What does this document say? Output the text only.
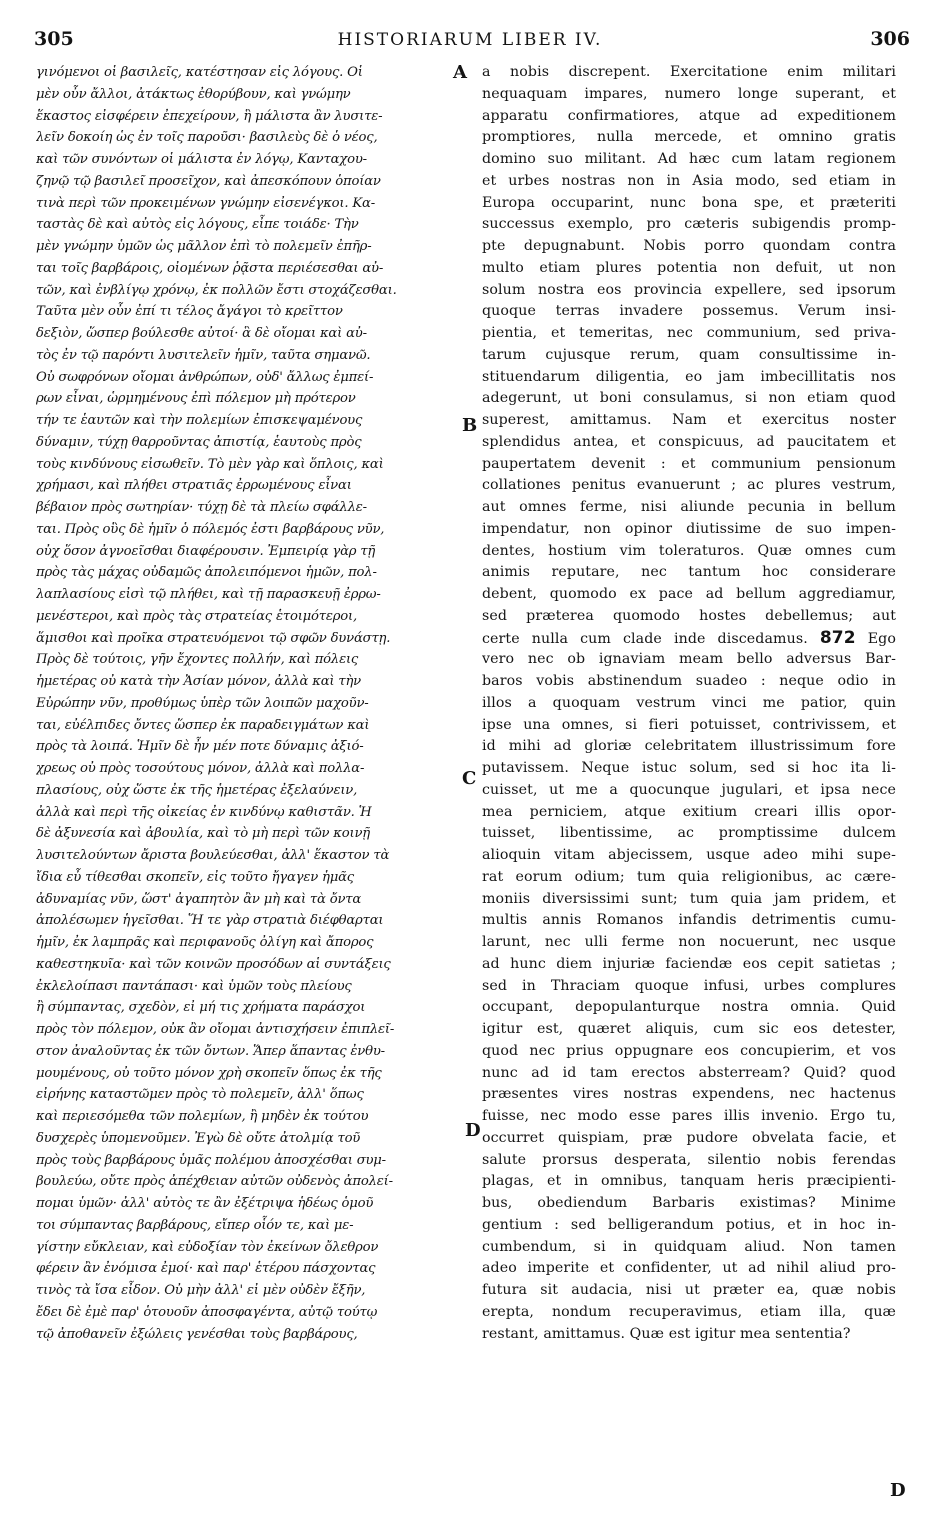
305	HISTORIARUM LIBER IV.	306
γινόμενοι οἱ βασιλεῖς, κατέστησαν εἰς λόγους. Οἱ
μὲν οὖν ἄλλοι, ἀτάκτως ἐθορύβουν, καὶ γνώμην
ἕκαστος εἰσφέρειν ἐπεχείρουν, ἣ μάλιστα ἂν λυσιτε-
λεῖν δοκοίη ὡς ἐν τοῖς παροῦσι· βασιλεὺς δὲ ὁ νέος,
καὶ τῶν συνόντων οἱ μάλιστα ἐν λόγῳ, Κανταχου-
ζηνῷ τῷ βασιλεῖ προσεῖχον, καὶ ἀπεσκόπουν ὁποίαν
τινὰ περὶ τῶν προκειμένων γνώμην εἰσενέγκοι. Κα-
ταστὰς δὲ καὶ αὐτὸς εἰς λόγους, εἶπε τοιάδε· Τὴν
μὲν γνώμην ὑμῶν ὡς μᾶλλον ἐπὶ τὸ πολεμεῖν ἐπῆρ-
ται τοῖς βαρβάροις, οἰομένων ῥᾷστα περιέσεσθαι αὐ-
τῶν, καὶ ἐνβλίγῳ χρόνῳ, ἐκ πολλῶν ἔστι στοχάζεσθαι.
Ταῦτα μὲν οὖν ἐπί τι τέλος ἄγάγοι τὸ κρεῖττον
δεξιὸν, ὥσπερ βούλεσθε αὐτοί· ἃ δὲ οἴομαι καὶ αὐ-
τὸς ἐν τῷ παρόντι λυσιτελεῖν ἡμῖν, ταῦτα σημανῶ.
Οὐ σωφρόνων οἴομαι ἀνθρώπων, οὐδ' ἄλλως ἐμπεί-
ρων εἶναι, ὡρμημένους ἐπὶ πόλεμον μὴ πρότερον
τήν τε ἑαυτῶν καὶ τὴν πολεμίων ἐπισκεψαμένους
δύναμιν, τύχῃ θαρροῦντας ἀπιστίᾳ, ἑαυτοὺς πρὸς
τοὺς κινδύνους εἰσωθεῖν. Τὸ μὲν γὰρ καὶ ὅπλοις, καὶ
χρήμασι, καὶ πλήθει στρατιᾶς ἐρρωμένους εἶναι
βέβαιον πρὸς σωτηρίαν· τύχῃ δὲ τὰ πλείω σφάλλε-
ται. Πρὸς οὓς δὲ ἡμῖν ὁ πόλεμός ἐστι βαρβάρους νῦν,
οὐχ ὅσον ἀγνοεῖσθαι διαφέρουσιν. Ἐμπειρίᾳ γὰρ τῇ
πρὸς τὰς μάχας οὐδαμῶς ἀπολειπόμενοι ἡμῶν, πολ-
λαπλασίους εἰσὶ τῷ πλήθει, καὶ τῇ παρασκευῇ ἐρρω-
μενέστεροι, καὶ πρὸς τὰς στρατείας ἑτοιμότεροι,
ἅμισθοι καὶ προῖκα στρατευόμενοι τῷ σφῶν δυνάστῃ.
Πρὸς δὲ τούτοις, γῆν ἔχοντες πολλήν, καὶ πόλεις
ἡμετέρας οὐ κατὰ τὴν Ἀσίαν μόνον, ἀλλὰ καὶ τὴν
Εὐρώπην νῦν, προθύμως ὑπὲρ τῶν λοιπῶν μαχοῦν-
ται, εὐέλπιδες ὄντες ὥσπερ ἐκ παραδειγμάτων καὶ
πρὸς τὰ λοιπά. Ἡμῖν δὲ ἦν μέν ποτε δύναμις ἀξιό-
χρεως οὐ πρὸς τοσούτους μόνον, ἀλλὰ καὶ πολλα-
πλασίους, οὐχ ὥστε ἐκ τῆς ἡμετέρας ἐξελαύνειν,
ἀλλὰ καὶ περὶ τῆς οἰκείας ἐν κινδύνῳ καθιστᾶν. Ἡ
δὲ ἀξυνεσία καὶ ἀβουλία, καὶ τὸ μὴ περὶ τῶν κοινῇ
λυσιτελούντων ἄριστα βουλεύεσθαι, ἀλλ' ἕκαστον τὰ
ἴδια εὖ τίθεσθαι σκοπεῖν, εἰς τοῦτο ἤγαγεν ἡμᾶς
ἀδυναμίας νῦν, ὥστ' ἀγαπητὸν ἂν μὴ καὶ τὰ ὄντα
ἀπολέσωμεν ἡγεῖσθαι. Ἥ τε γὰρ στρατιὰ διέφθαρται
ἡμῖν, ἐκ λαμπρᾶς καὶ περιφανοῦς ὀλίγη καὶ ἄπορος
καθεστηκυῖα· καὶ τῶν κοινῶν προσόδων αἱ συντάξεις
ἐκλελοίπασι παντάπασι· καὶ ὑμῶν τοὺς πλείους
ἢ σύμπαντας, σχεδὸν, εἰ μή τις χρήματα παράσχοι
πρὸς τὸν πόλεμον, οὐκ ἂν οἴομαι ἀντισχήσειν ἐπιπλεῖ-
στον ἀναλοῦντας ἐκ τῶν ὄντων. Ἅπερ ἅπαντας ἐνθυ-
μουμένους, οὐ τοῦτο μόνον χρὴ σκοπεῖν ὅπως ἐκ τῆς
εἰρήνης καταστῶμεν πρὸς τὸ πολεμεῖν, ἀλλ' ὅπως
καὶ περιεσόμεθα τῶν πολεμίων, ἢ μηδὲν ἐκ τούτου
δυσχερὲς ὑπομενοῦμεν. Ἐγὼ δὲ οὔτε ἀτολμίᾳ τοῦ
πρὸς τοὺς βαρβάρους ὑμᾶς πολέμου ἀποσχέσθαι συμ-
βουλεύω, οὔτε πρὸς ἀπέχθειαν αὐτῶν οὐδενὸς ἀπολεί-
πομαι ὑμῶν· ἀλλ' αὐτὸς τε ἂν ἐξέτριψα ἡδέως ὁμοῦ
τοι σύμπαντας βαρβάρους, εἴπερ οἷόν τε, καὶ με-
γίστην εὔκλειαν, καὶ εὐδοξίαν τὸν ἐκείνων ὄλεθρον
φέρειν ἂν ἐνόμισα ἐμοί· καὶ παρ' ἑτέρου πάσχοντας
τινὸς τὰ ἴσα εἶδον. Οὐ μὴν ἀλλ' εἰ μὲν οὐδὲν ἔξῆν,
ἔδει δὲ ἐμὲ παρ' ὁτουοῦν ἀποσφαγέντα, αὐτῷ τούτῳ
τῷ ἀποθανεῖν ἐξώλεις γενέσθαι τοὺς βαρβάρους,
a nobis discrepent. Exercitatione enim militari
nequaquam impares, numero longe superant, et
apparatu confirmatiores, atque ad expeditionem
promptiores, nulla mercede, et omnino gratis
domino suo militant. Ad hæc cum latam regionem
et urbes nostras non in Asia modo, sed etiam in
Europa occuparint, nunc bona spe, et præteriti
successus exemplo, pro cæteris subigendis promp-
pte depugnabunt. Nobis porro quondam contra
multo etiam plures potentia non defuit, ut non
solum nostra eos provincia expellere, sed ipsorum
quoque terras invadere possemus. Verum insi-
pientia, et temeritas, nec communium, sed priva-
tarum cujusque rerum, quam consultissime in-
stituendarum diligentia, eo jam imbecillitatis nos
adegerunt, ut boni consulamus, si non etiam quod
superest, amittamus. Nam et exercitus noster
splendidus antea, et conspicuus, ad paucitatem et
paupertatem devenit : et communium pensionum
collationes penitus evanuerunt ; ac plures vestrum,
aut omnes ferme, nisi aliunde pecunia in bellum
impendatur, non opinor diutissime de suo impen-
dentes, hostium vim toleraturos. Quæ omnes cum
animis reputare, nec tantum hoc considerare
debent, quomodo ex pace ad bellum aggrediamur,
sed præterea quomodo hostes debellemus; aut
certe nulla cum clade inde discedamus. 872 Ego
vero nec ob ignaviam meam bello adversus Bar-
baros vobis abstinendum suadeo : neque odio in
illos a quoquam vestrum vinci me patior, quin
ipse una omnes, si fieri potuisset, contrivissem, et
id mihi ad gloriæ celebritatem illustrissimum fore
putavissem. Neque istuc solum, sed si hoc ita li-
cuisset, ut me a quocunque jugulari, et ipsa nece
mea perniciem, atque exitium creari illis opor-
tuisset, libentissime, ac promptissime dulcem
alioquin vitam abjecissem, usque adeo mihi supe-
rat eorum odium; tum quia religionibus, ac cære-
moniis diversissimi sunt; tum quia jam pridem, et
multis annis Romanos infandis detrimentis cumu-
larunt, nec ulli ferme non nocuerunt, nec usque
ad hunc diem injuriæ faciendæ eos cepit satietas ;
sed in Thraciam quoque infusi, urbes complures
occupant, depopulanturque nostra omnia. Quid
igitur est, quæret aliquis, cum sic eos detester,
quod nec prius oppugnare eos concupierim, et vos
nunc ad id tam erectos absterream? Quid? quod
præsentes vires nostras expendens, nec hactenus
fuisse, nec modo esse pares illis invenio. Ergo tu,
occurret quispiam, præ pudore obvelata facie, et
salute prorsus desperata, silentio nobis ferendas
plagas, et in omnibus, tanquam heris præcipienti-
bus, obediendum Barbaris existimas? Minime
gentium : sed belligerandum potius, et in hoc in-
cumbendum, si in quidquam aliud. Non tamen
adeo imperite et confidenter, ut ad nihil aliud pro-
futura sit audacia, nisi ut præter ea, quæ nobis
erepta, nondum recuperavimus, etiam illa, quæ
restant, amittamus. Quæ est igitur mea sententia?
A
B
C
D
D
